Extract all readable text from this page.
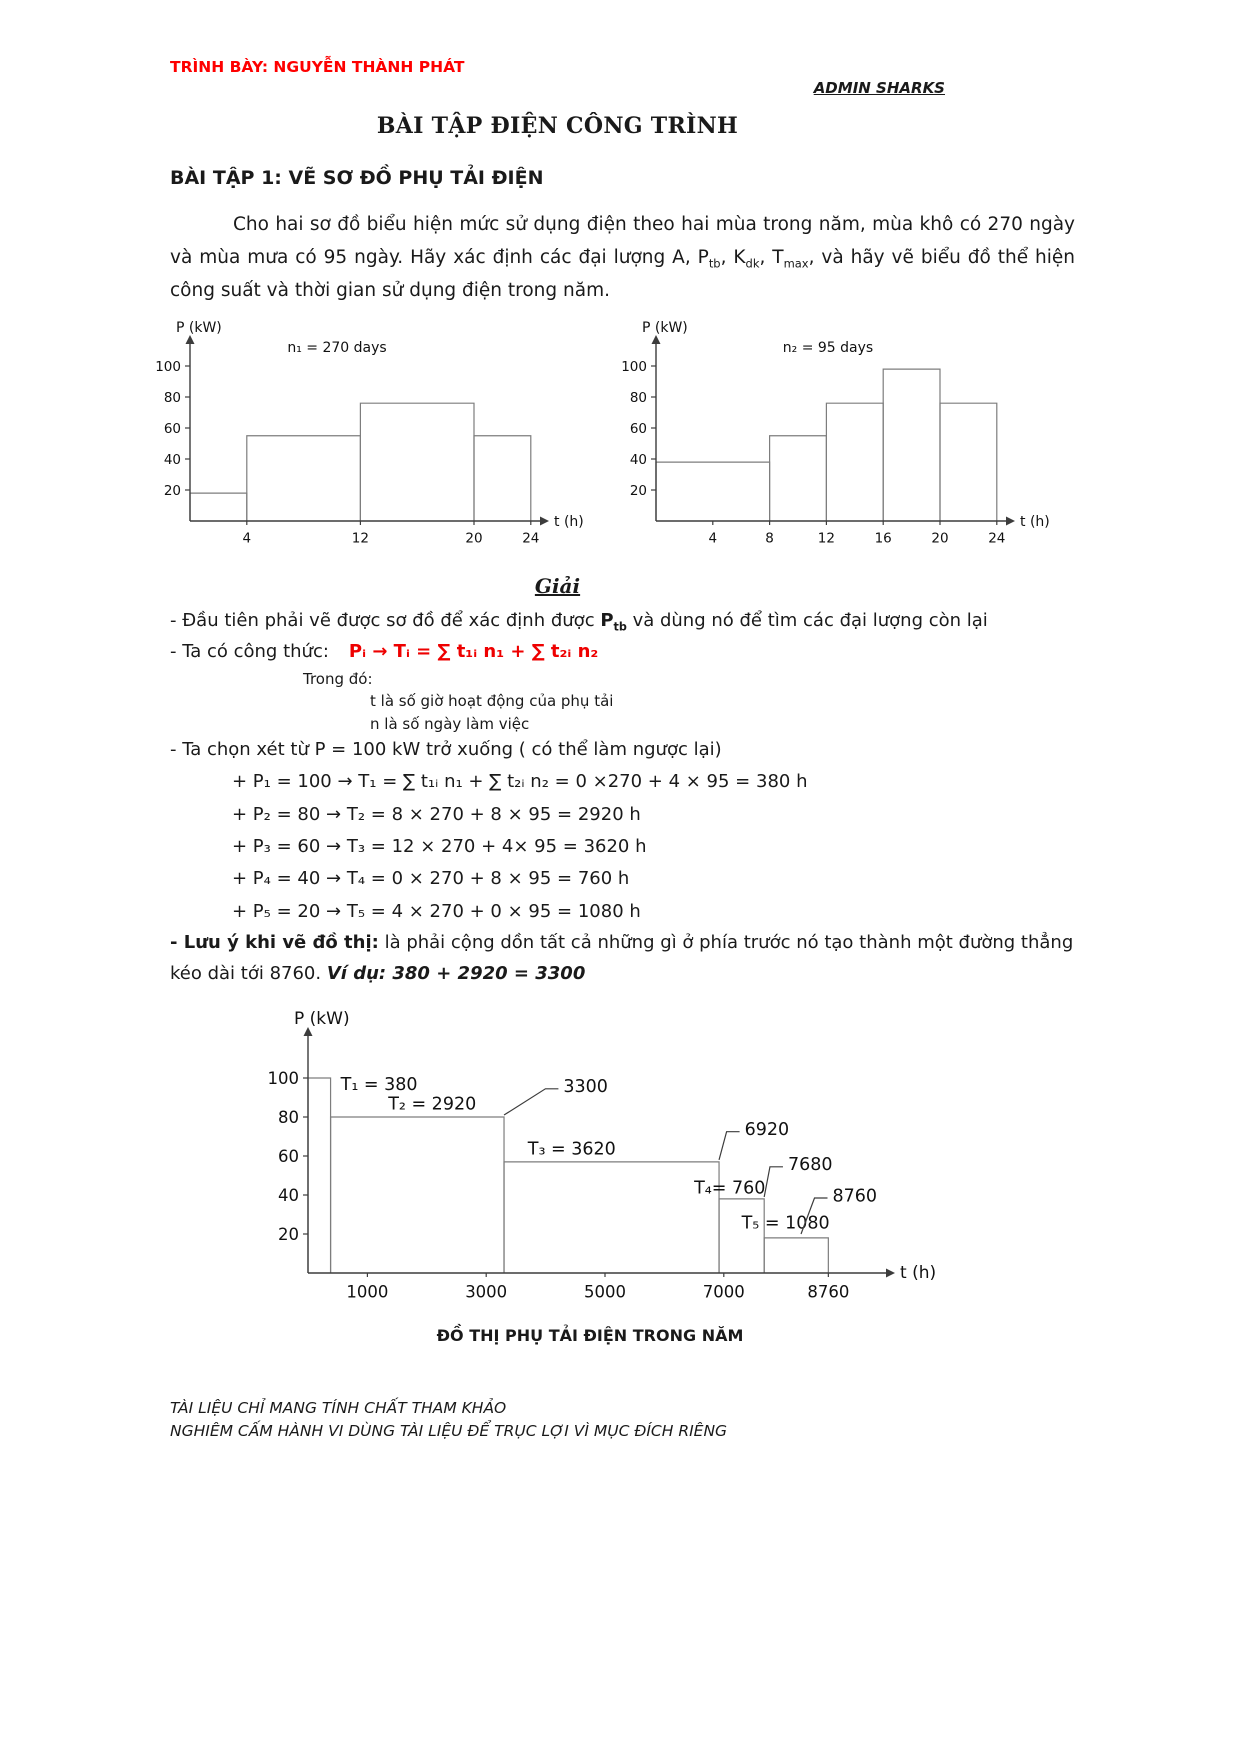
TRÌNH BÀY: NGUYỄN THÀNH PHÁT
ADMIN SHARKS
BÀI TẬP ĐIỆN CÔNG TRÌNH
BÀI TẬP 1: VẼ SƠ ĐỒ PHỤ TẢI ĐIỆN

Cho hai sơ đồ biểu hiện mức sử dụng điện theo hai mùa trong năm, mùa khô có 270 ngày và mùa mưa có 95 ngày. Hãy xác định các đại lượng A, $P_{tb}$, $K_{dk}$, $T_{max}$, và hãy vẽ biểu đồ thể hiện công suất và thời gian sử dụng điện trong năm.

20
40
60
80
100
4	12	20	24
P (kW)
t (h)
n₁ = 270 days
20
40
60
80
100
4	8	12	16	20	24
P (kW)
t (h)
n₂ = 95 days
Giải

- Đầu tiên phải vẽ được sơ đồ để xác định được $P_{tb}$ và dùng nó để tìm các đại lượng còn lại

- Ta có công thức: Pᵢ → Tᵢ = ∑ t₁ᵢ n₁ + ∑ t₂ᵢ n₂

Trong đó:

t là số giờ hoạt động của phụ tải

n là số ngày làm việc

- Ta chọn xét từ P = 100 kW trở xuống ( có thể làm ngược lại)

+ P₁ = 100 → T₁ = ∑ t₁ᵢ n₁ + ∑ t₂ᵢ n₂ = 0 ×270 + 4 × 95 = 380 h

+ P₂ = 80 → T₂ = 8 × 270 + 8 × 95 = 2920 h

+ P₃ = 60 → T₃ = 12 × 270 + 4× 95 = 3620 h

+ P₄ = 40 → T₄ = 0 × 270 + 8 × 95 = 760 h

+ P₅ = 20 → T₅ = 4 × 270 + 0 × 95 = 1080 h

- Lưu ý khi vẽ đồ thị: là phải cộng dồn tất cả những gì ở phía trước nó tạo thành một đường thẳng kéo dài tới 8760. Ví dụ: 380 + 2920 = 3300

20
40
60
80
100
1000	3000	5000	7000	8760
P (kW)
t (h)
T₁ = 380
T₂ = 2920
3300
T₃ = 3620
6920
T₄= 760
7680
T₅ = 1080
8760
ĐỒ THỊ PHỤ TẢI ĐIỆN TRONG NĂM
TÀI LIỆU CHỈ MANG TÍNH CHẤT THAM KHẢO
NGHIÊM CẤM HÀNH VI DÙNG TÀI LIỆU ĐỂ TRỤC LỢI VÌ MỤC ĐÍCH RIÊNG
